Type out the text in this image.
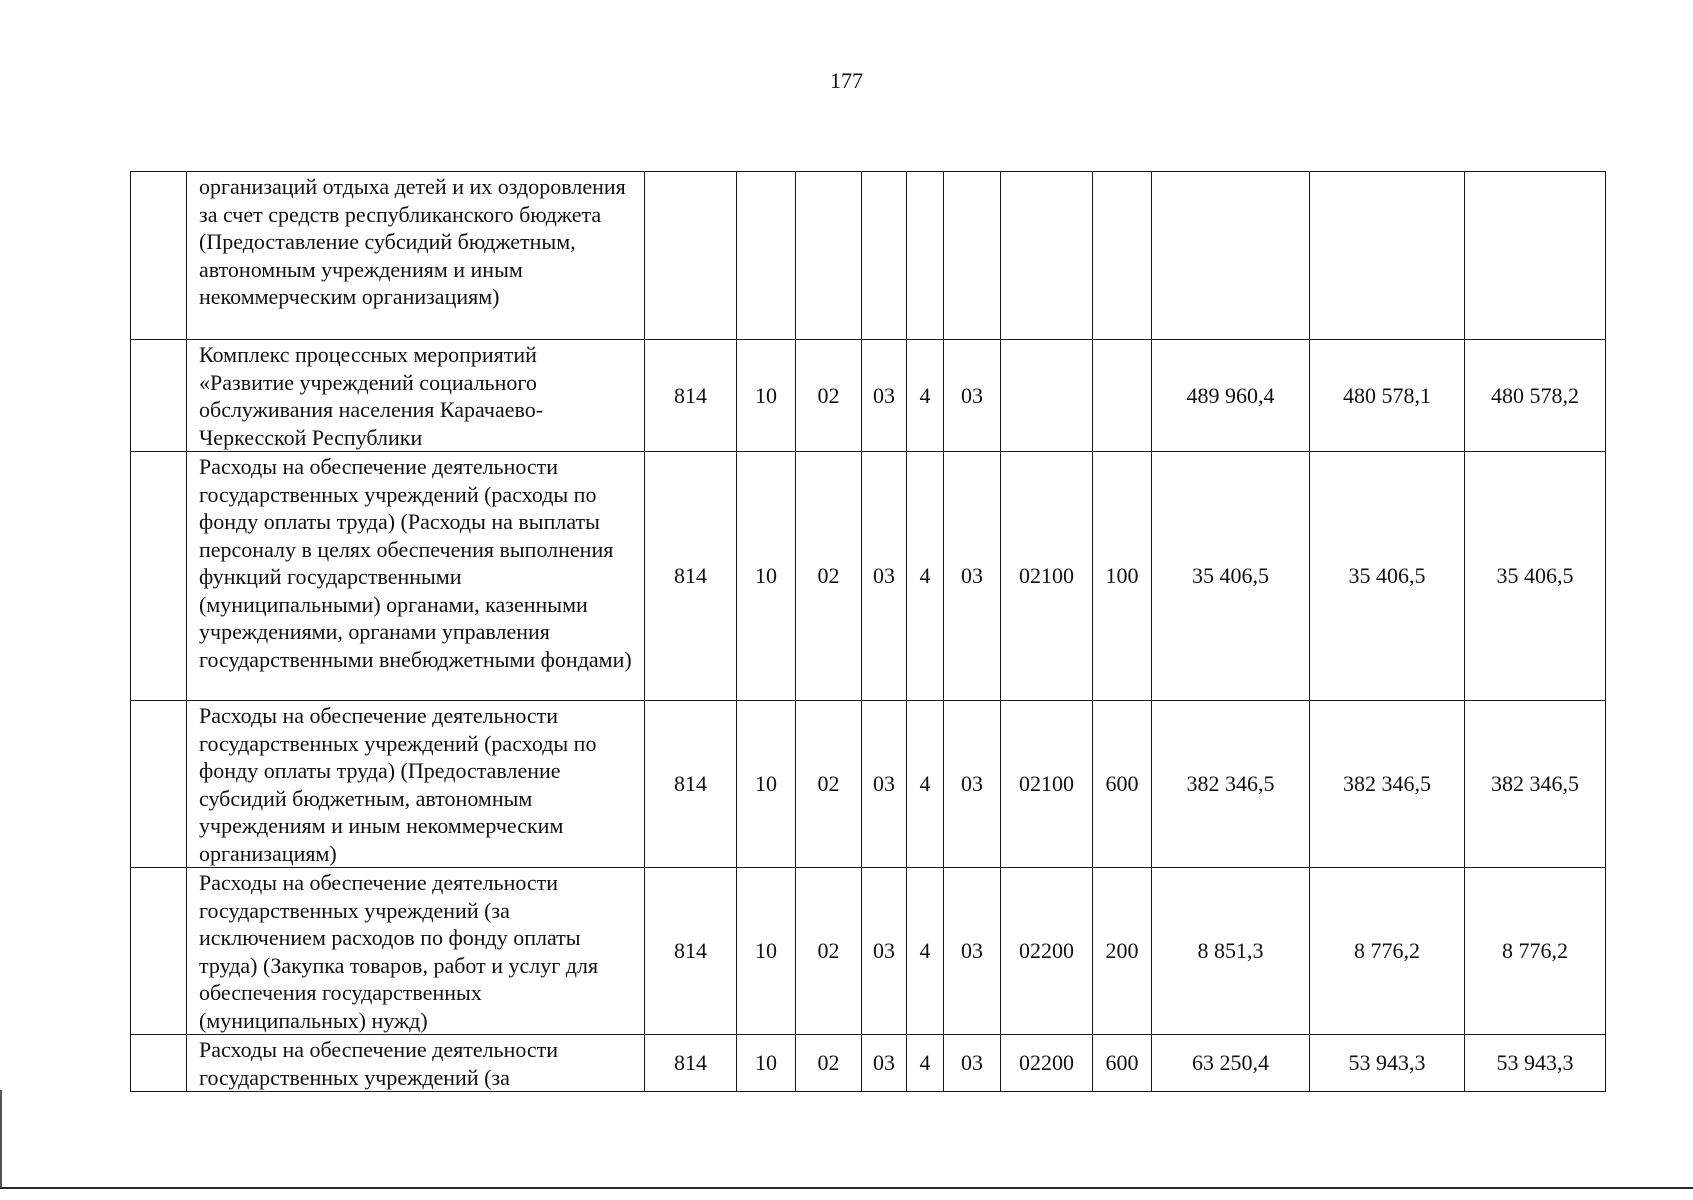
177
	организаций отдыха детей и их оздоровления за счет средств республиканского бюджета (Предоставление субсидий бюджетным, автономным учреждениям и иным некоммерческим организациям)											
	Комплекс процессных мероприятий «Развитие учреждений социального обслуживания населения Карачаево-Черкесской Республики	814	10	02	03	4	03			489 960,4	480 578,1	480 578,2
	Расходы на обеспечение деятельности государственных учреждений (расходы по фонду оплаты труда) (Расходы на выплаты персоналу в целях обеспечения выполнения функций государственными (муниципальными) органами, казенными учреждениями, органами управления государственными внебюджетными фондами)	814	10	02	03	4	03	02100	100	35 406,5	35 406,5	35 406,5
	Расходы на обеспечение деятельности государственных учреждений (расходы по фонду оплаты труда) (Предоставление субсидий бюджетным, автономным учреждениям и иным некоммерческим организациям)	814	10	02	03	4	03	02100	600	382 346,5	382 346,5	382 346,5
	Расходы на обеспечение деятельности государственных учреждений (за исключением расходов по фонду оплаты труда) (Закупка товаров, работ и услуг для обеспечения государственных (муниципальных) нужд)	814	10	02	03	4	03	02200	200	8 851,3	8 776,2	8 776,2
	Расходы на обеспечение деятельности государственных учреждений (за	814	10	02	03	4	03	02200	600	63 250,4	53 943,3	53 943,3
